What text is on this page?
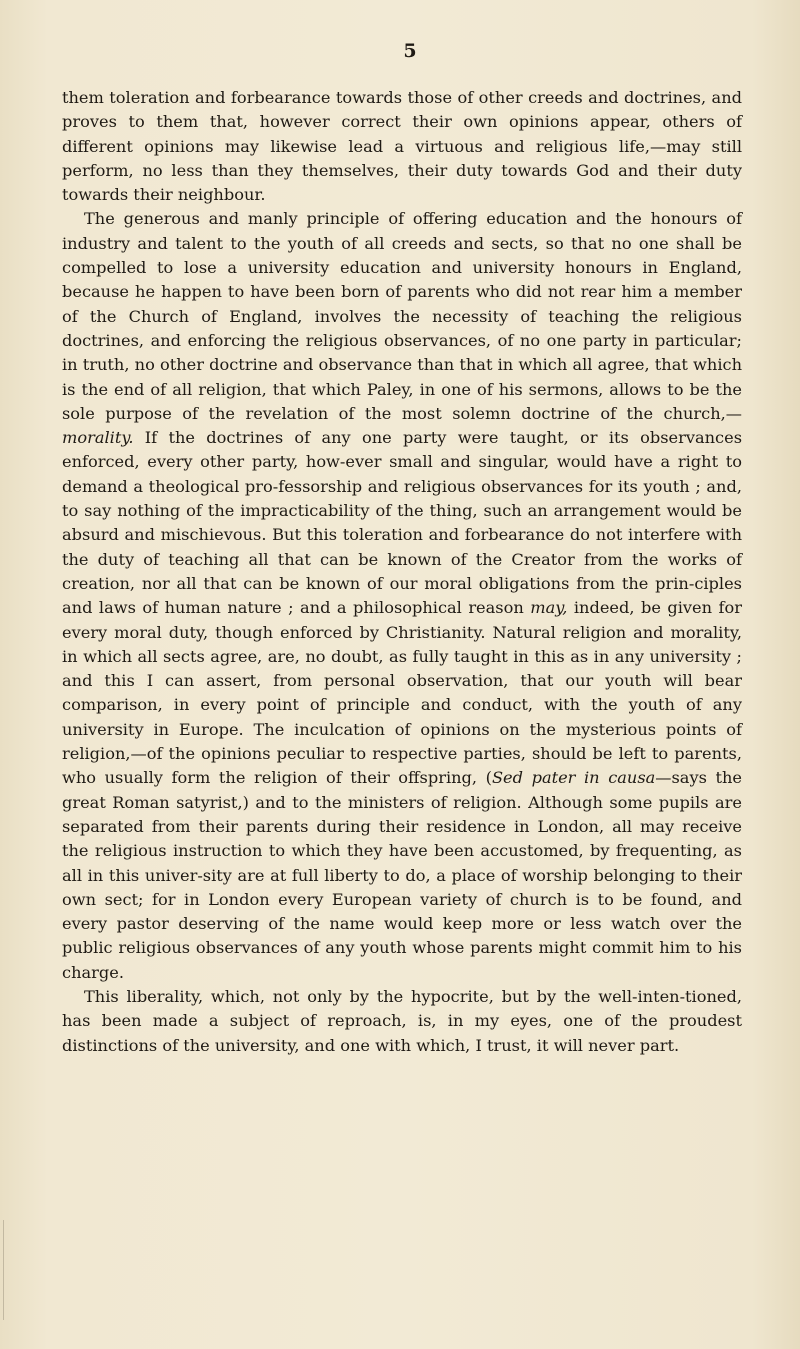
5

them toleration and forbearance towards those of other creeds and doctrines, and proves to them that, however correct their own opinions appear, others of different opinions may likewise lead a virtuous and religious life,—may still perform, no less than they themselves, their duty towards God and their duty towards their neighbour.

The generous and manly principle of offering education and the honours of industry and talent to the youth of all creeds and sects, so that no one shall be compelled to lose a university education and university honours in England, because he happen to have been born of parents who did not rear him a member of the Church of England, involves the necessity of teaching the religious doctrines, and enforcing the religious observances, of no one party in particular; in truth, no other doctrine and observance than that in which all agree, that which is the end of all religion, that which Paley, in one of his sermons, allows to be the sole purpose of the revelation of the most solemn doctrine of the church,—morality. If the doctrines of any one party were taught, or its observances enforced, every other party, how-ever small and singular, would have a right to demand a theological pro-fessorship and religious observances for its youth ; and, to say nothing of the impracticability of the thing, such an arrangement would be absurd and mischievous. But this toleration and forbearance do not interfere with the duty of teaching all that can be known of the Creator from the works of creation, nor all that can be known of our moral obligations from the prin-ciples and laws of human nature ; and a philosophical reason may, indeed, be given for every moral duty, though enforced by Christianity. Natural religion and morality, in which all sects agree, are, no doubt, as fully taught in this as in any university ; and this I can assert, from personal observation, that our youth will bear comparison, in every point of principle and conduct, with the youth of any university in Europe. The inculcation of opinions on the mysterious points of religion,—of the opinions peculiar to respective parties, should be left to parents, who usually form the religion of their offspring, (Sed pater in causa—says the great Roman satyrist,) and to the ministers of religion. Although some pupils are separated from their parents during their residence in London, all may receive the religious instruction to which they have been accustomed, by frequenting, as all in this univer-sity are at full liberty to do, a place of worship belonging to their own sect; for in London every European variety of church is to be found, and every pastor deserving of the name would keep more or less watch over the public religious observances of any youth whose parents might commit him to his charge.

This liberality, which, not only by the hypocrite, but by the well-inten-tioned, has been made a subject of reproach, is, in my eyes, one of the proudest distinctions of the university, and one with which, I trust, it will never part.
